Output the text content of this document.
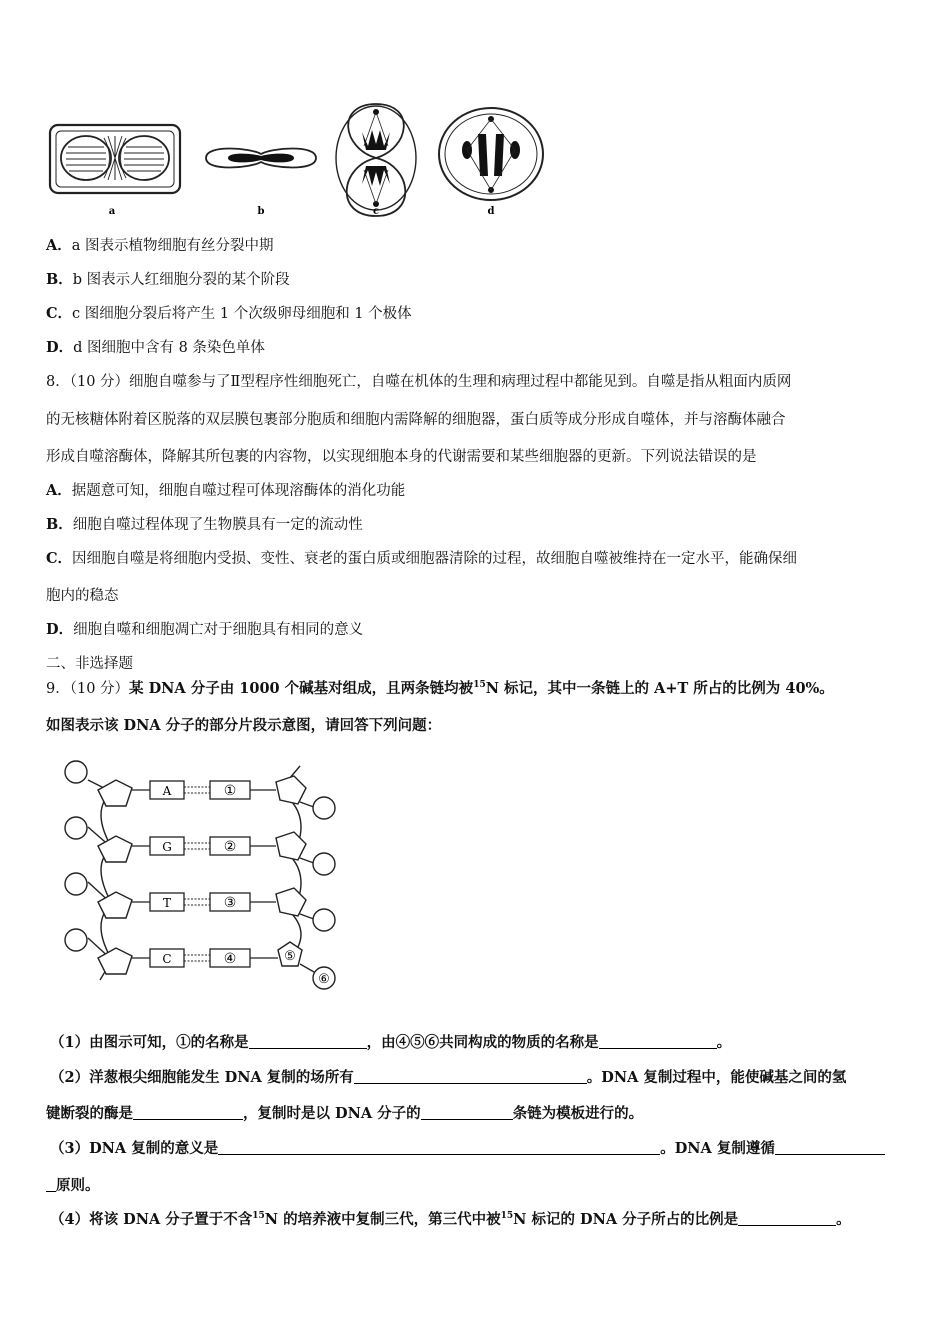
a	b	c	d
A．a 图表示植物细胞有丝分裂中期
B．b 图表示人红细胞分裂的某个阶段
C．c 图细胞分裂后将产生 1 个次级卵母细胞和 1 个极体
D．d 图细胞中含有 8 条染色单体
8．（10 分）细胞自噬参与了Ⅱ型程序性细胞死亡，自噬在机体的生理和病理过程中都能见到。自噬是指从粗面内质网
的无核糖体附着区脱落的双层膜包裹部分胞质和细胞内需降解的细胞器，蛋白质等成分形成自噬体，并与溶酶体融合
形成自噬溶酶体，降解其所包裹的内容物，以实现细胞本身的代谢需要和某些细胞器的更新。下列说法错误的是
A．据题意可知，细胞自噬过程可体现溶酶体的消化功能
B．细胞自噬过程体现了生物膜具有一定的流动性
C．因细胞自噬是将细胞内受损、变性、衰老的蛋白质或细胞器清除的过程，故细胞自噬被维持在一定水平，能确保细
胞内的稳态
D．细胞自噬和细胞凋亡对于细胞具有相同的意义
二、非选择题
9．（10 分）某 DNA 分子由 1000 个碱基对组成，且两条链均被$^{15}$N 标记，其中一条链上的 A+T 所占的比例为 40%。
如图表示该 DNA 分子的部分片段示意图，请回答下列问题：
A
G
T
C
①
②
③
④	⑤
⑥
（1）由图示可知，①的名称是	，由④⑤⑥共同构成的物质的名称是	。
（2）洋葱根尖细胞能发生 DNA 复制的场所有	。DNA 复制过程中，能使碱基之间的氢
键断裂的酶是	，复制时是以 DNA 分子的	条链为模板进行的。
（3）DNA 复制的意义是	。DNA 复制遵循
原则。
（4）将该 DNA 分子置于不含$^{15}$N 的培养液中复制三代，第三代中被$^{15}$N 标记的 DNA 分子所占的比例是	。
